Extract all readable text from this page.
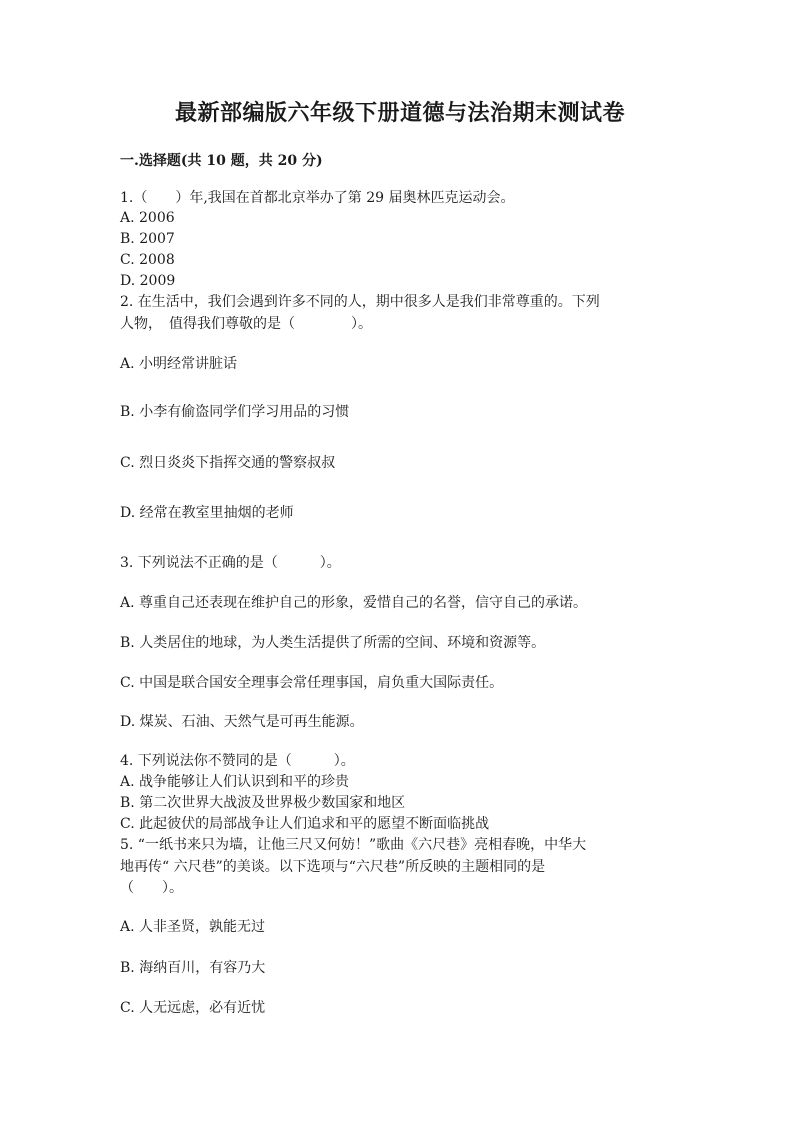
最新部编版六年级下册道德与法治期末测试卷
一.选择题(共 10 题，共 20 分)
1.（　　）年,我国在首都北京举办了第 29 届奥林匹克运动会。
A. 2006
B. 2007
C. 2008
D. 2009
2. 在生活中，我们会遇到许多不同的人，期中很多人是我们非常尊重的。下列
人物，　值得我们尊敬的是（　　　　）。
A. 小明经常讲脏话
B. 小李有偷盗同学们学习用品的习惯
C. 烈日炎炎下指挥交通的警察叔叔
D. 经常在教室里抽烟的老师
3. 下列说法不正确的是（　　　）。
A. 尊重自己还表现在维护自己的形象，爱惜自己的名誉，信守自己的承诺。
B. 人类居住的地球，为人类生活提供了所需的空间、环境和资源等。
C. 中国是联合国安全理事会常任理事国，肩负重大国际责任。
D. 煤炭、石油、天然气是可再生能源。
4. 下列说法你不赞同的是（　　　）。
A. 战争能够让人们认识到和平的珍贵
B. 第二次世界大战波及世界极少数国家和地区
C. 此起彼伏的局部战争让人们追求和平的愿望不断面临挑战
5. “一纸书来只为墙，让他三尺又何妨！”歌曲《六尺巷》亮相春晚，中华大
地再传“ 六尺巷”的美谈。以下选项与“六尺巷”所反映的主题相同的是
（　　）。
A. 人非圣贤，孰能无过
B. 海纳百川，有容乃大
C. 人无远虑，必有近忧
